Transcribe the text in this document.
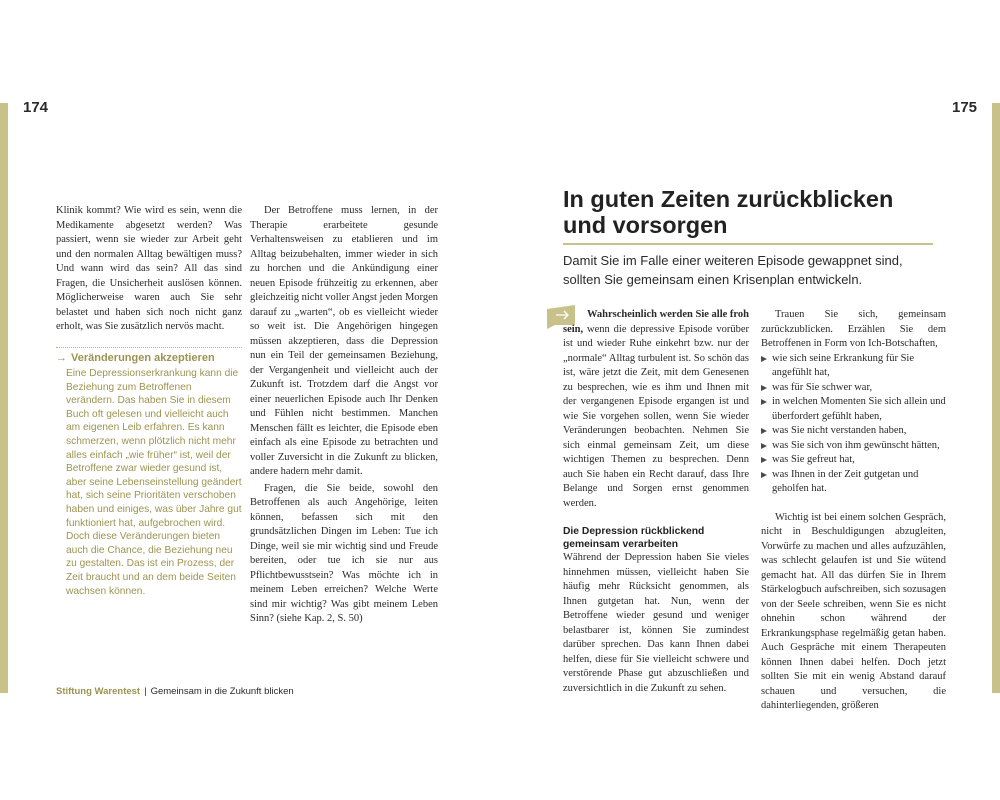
174	175

Klinik kommt? Wie wird es sein, wenn die Medikamente abgesetzt werden? Was passiert, wenn sie wieder zur Arbeit geht und den normalen Alltag bewältigen muss? Und wann wird das sein? All das sind Fragen, die Unsicherheit auslösen können. Möglicherweise waren auch Sie sehr belastet und haben sich noch nicht ganz erholt, was Sie zusätzlich nervös macht.

→ Veränderungen akzeptieren
Eine Depressionserkrankung kann die Beziehung zum Betroffenen verändern. Das haben Sie in diesem Buch oft gelesen und vielleicht auch am eigenen Leib erfahren. Es kann schmerzen, wenn plötzlich nicht mehr alles einfach „wie früher“ ist, weil der Betroffene zwar wieder gesund ist, aber seine Lebenseinstellung geändert hat, sich seine Prioritäten verschoben haben und einiges, was über Jahre gut funktioniert hat, aufgebrochen wird. Doch diese Veränderungen bieten auch die Chance, die Beziehung neu zu gestalten. Das ist ein Prozess, der Zeit braucht und an dem beide Seiten wachsen können.

Der Betroffene muss lernen, in der Therapie erarbeitete gesunde Verhaltensweisen zu etablieren und im Alltag beizubehalten, immer wieder in sich zu horchen und die Ankündigung einer neuen Episode frühzeitig zu erkennen, aber gleichzeitig nicht voller Angst jeden Morgen darauf zu „warten“, ob es vielleicht wieder so weit ist. Die Angehörigen hingegen müssen akzeptieren, dass die Depression nun ein Teil der gemeinsamen Beziehung, der Vergangenheit und vielleicht auch der Zukunft ist. Trotzdem darf die Angst vor einer neuerlichen Episode auch Ihr Denken und Fühlen nicht bestimmen. Manchen Menschen fällt es leichter, die Episode eben einfach als eine Episode zu betrachten und voller Zuversicht in die Zukunft zu blicken, andere hadern mehr damit.

Fragen, die Sie beide, sowohl den Betroffenen als auch Angehörige, leiten können, befassen sich mit den grundsätzlichen Dingen im Leben: Tue ich Dinge, weil sie mir wichtig sind und Freude bereiten, oder tue ich sie nur aus Pflichtbewusstsein? Was möchte ich in meinem Leben erreichen? Welche Werte sind mir wichtig? Was gibt meinem Leben Sinn? (siehe Kap. 2, S. 50)

In guten Zeiten zurückblicken und vorsorgen
Damit Sie im Falle einer weiteren Episode gewappnet sind, sollten Sie gemeinsam einen Krisenplan entwickeln.

Wahrscheinlich werden Sie alle froh sein, wenn die depressive Episode vorüber ist und wieder Ruhe einkehrt bzw. nur der „normale“ Alltag turbulent ist. So schön das ist, wäre jetzt die Zeit, mit dem Genesenen zu besprechen, wie es ihm und Ihnen mit der vergangenen Episode ergangen ist und wie Sie vorgehen sollen, wenn Sie wieder Veränderungen beobachten. Nehmen Sie sich einmal gemeinsam Zeit, um diese wichtigen Themen zu besprechen. Denn auch Sie haben ein Recht darauf, dass Ihre Belange und Sorgen ernst genommen werden.

Die Depression rückblickend gemeinsam verarbeiten

Während der Depression haben Sie vieles hinnehmen müssen, vielleicht haben Sie häufig mehr Rücksicht genommen, als Ihnen gutgetan hat. Nun, wenn der Betroffene wieder gesund und weniger belastbarer ist, können Sie zumindest darüber sprechen. Das kann Ihnen dabei helfen, diese für Sie vielleicht schwere und verstörende Phase gut abzuschließen und zuversichtlich in die Zukunft zu sehen.

Trauen Sie sich, gemeinsam zurückzublicken. Erzählen Sie dem Betroffenen in Form von Ich-Botschaften,

wie sich seine Erkrankung für Sie angefühlt hat,
was für Sie schwer war,
in welchen Momenten Sie sich allein und überfordert gefühlt haben,
was Sie nicht verstanden haben,
was Sie sich von ihm gewünscht hätten,
was Sie gefreut hat,
was Ihnen in der Zeit gutgetan und geholfen hat.

Wichtig ist bei einem solchen Gespräch, nicht in Beschuldigungen abzugleiten, Vorwürfe zu machen und alles aufzuzählen, was schlecht gelaufen ist und Sie wütend gemacht hat. All das dürfen Sie in Ihrem Stärkelogbuch aufschreiben, sich sozusagen von der Seele schreiben, wenn Sie es nicht ohnehin schon während der Erkrankungsphase regelmäßig getan haben. Auch Gespräche mit einem Therapeuten können Ihnen dabei helfen. Doch jetzt sollten Sie mit ein wenig Abstand darauf schauen und versuchen, die dahinterliegenden, größeren

Stiftung Warentest | Gemeinsam in die Zukunft blicken
